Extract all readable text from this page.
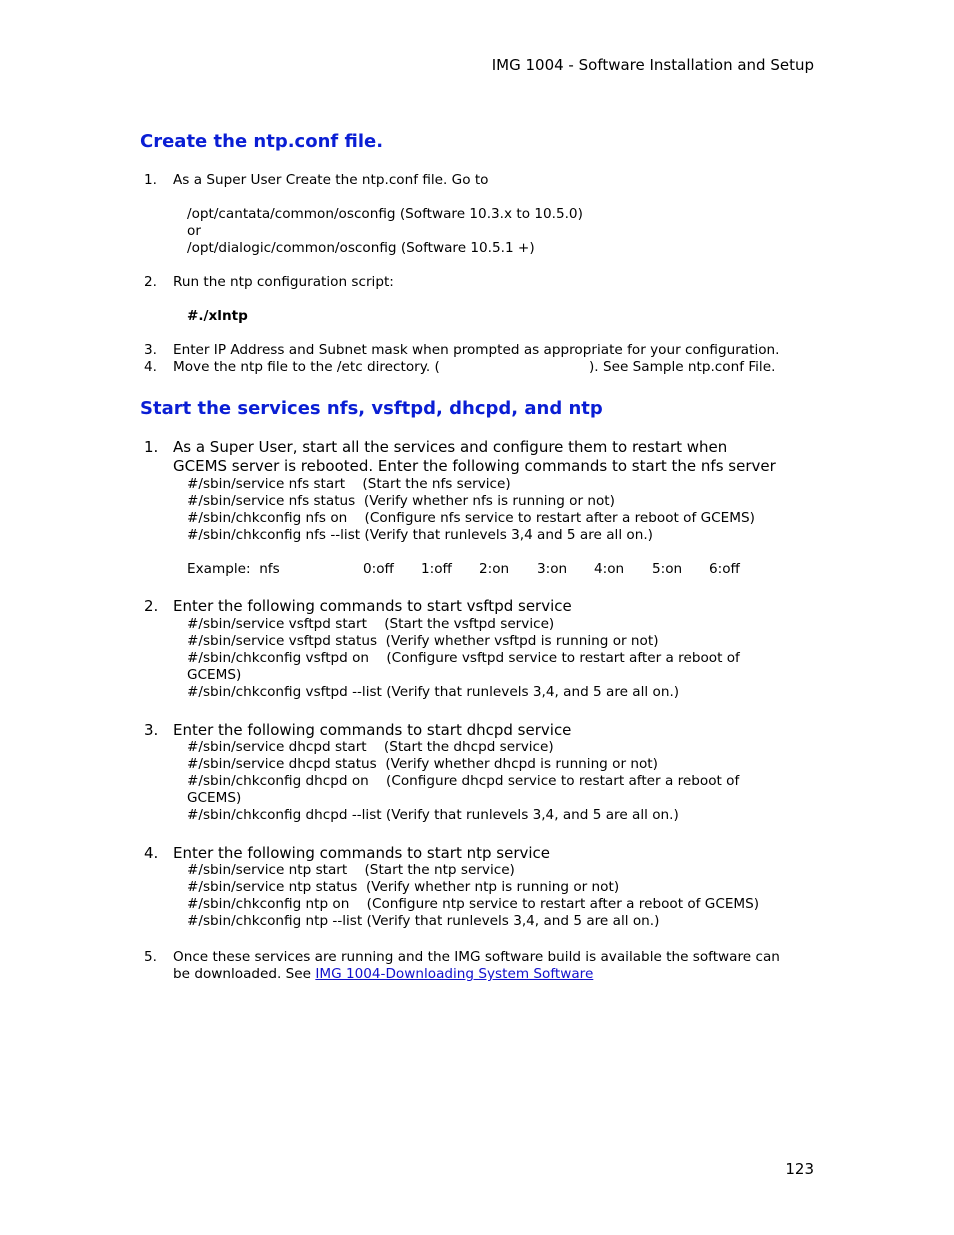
IMG 1004 - Software Installation and Setup
Create the ntp.conf file.
1. As a Super User Create the ntp.conf file. Go to
/opt/cantata/common/osconfig (Software 10.3.x to 10.5.0)
or
/opt/dialogic/common/osconfig (Software 10.5.1 +)
2. Run the ntp configuration script:
#./xlntp
3. Enter IP Address and Subnet mask when prompted as appropriate for your configuration.
4. Move the ntp file to the /etc directory. (	). See Sample ntp.conf File.
Start the services nfs, vsftpd, dhcpd, and ntp
1. As a Super User, start all the services and configure them to restart when
GCEMS server is rebooted. Enter the following commands to start the nfs server
#/sbin/service nfs start    (Start the nfs service)
#/sbin/service nfs status  (Verify whether nfs is running or not)
#/sbin/chkconfig nfs on    (Configure nfs service to restart after a reboot of GCEMS)
#/sbin/chkconfig nfs --list (Verify that runlevels 3,4 and 5 are all on.)
Example:  nfs	0:off 1:off 2:on 3:on 4:on 5:on 6:off
2. Enter the following commands to start vsftpd service
#/sbin/service vsftpd start    (Start the vsftpd service)
#/sbin/service vsftpd status  (Verify whether vsftpd is running or not)
#/sbin/chkconfig vsftpd on    (Configure vsftpd service to restart after a reboot of
GCEMS)
#/sbin/chkconfig vsftpd --list (Verify that runlevels 3,4, and 5 are all on.)
3. Enter the following commands to start dhcpd service
#/sbin/service dhcpd start    (Start the dhcpd service)
#/sbin/service dhcpd status  (Verify whether dhcpd is running or not)
#/sbin/chkconfig dhcpd on    (Configure dhcpd service to restart after a reboot of
GCEMS)
#/sbin/chkconfig dhcpd --list (Verify that runlevels 3,4, and 5 are all on.)
4. Enter the following commands to start ntp service
#/sbin/service ntp start    (Start the ntp service)
#/sbin/service ntp status  (Verify whether ntp is running or not)
#/sbin/chkconfig ntp on    (Configure ntp service to restart after a reboot of GCEMS)
#/sbin/chkconfig ntp --list (Verify that runlevels 3,4, and 5 are all on.)
5. Once these services are running and the IMG software build is available the software can
be downloaded. See IMG 1004-Downloading System Software
123
